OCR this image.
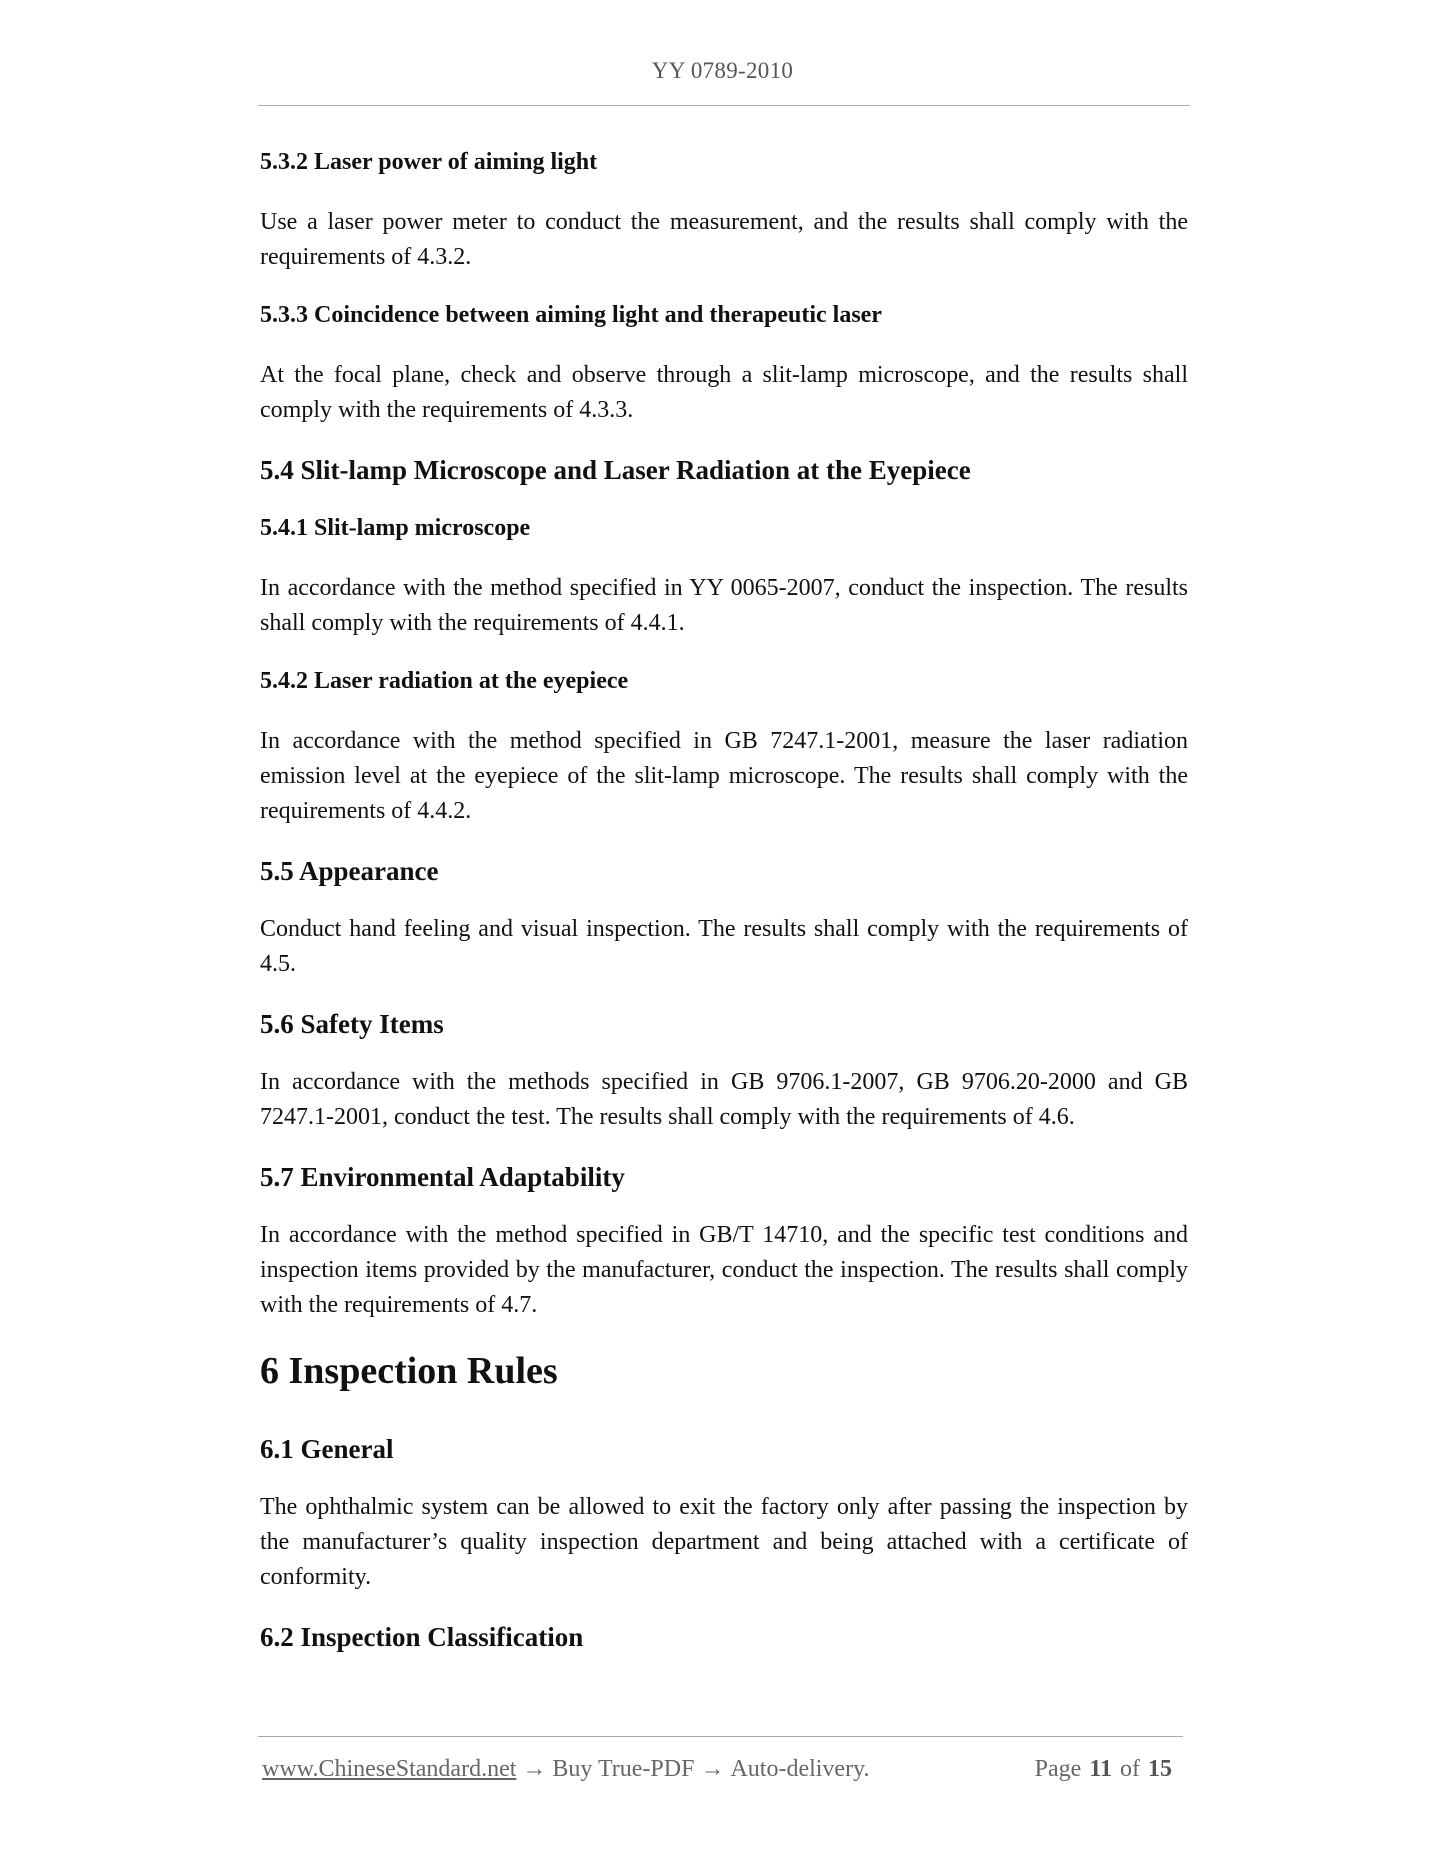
YY 0789-2010
5.3.2 Laser power of aiming light

Use a laser power meter to conduct the measurement, and the results shall comply with the requirements of 4.3.2.

5.3.3 Coincidence between aiming light and therapeutic laser

At the focal plane, check and observe through a slit-lamp microscope, and the results shall comply with the requirements of 4.3.3.

5.4 Slit-lamp Microscope and Laser Radiation at the Eyepiece
5.4.1 Slit-lamp microscope

In accordance with the method specified in YY 0065-2007, conduct the inspection. The results shall comply with the requirements of 4.4.1.

5.4.2 Laser radiation at the eyepiece

In accordance with the method specified in GB 7247.1-2001, measure the laser radiation emission level at the eyepiece of the slit-lamp microscope. The results shall comply with the requirements of 4.4.2.

5.5 Appearance

Conduct hand feeling and visual inspection. The results shall comply with the requirements of 4.5.

5.6 Safety Items

In accordance with the methods specified in GB 9706.1-2007, GB 9706.20-2000 and GB 7247.1-2001, conduct the test. The results shall comply with the requirements of 4.6.

5.7 Environmental Adaptability

In accordance with the method specified in GB/T 14710, and the specific test conditions and inspection items provided by the manufacturer, conduct the inspection. The results shall comply with the requirements of 4.7.

6 Inspection Rules
6.1 General

The ophthalmic system can be allowed to exit the factory only after passing the inspection by the manufacturer’s quality inspection department and being attached with a certificate of conformity.

6.2 Inspection Classification
www.ChineseStandard.net → Buy True-PDF → Auto-delivery.	Page 11 of 15
